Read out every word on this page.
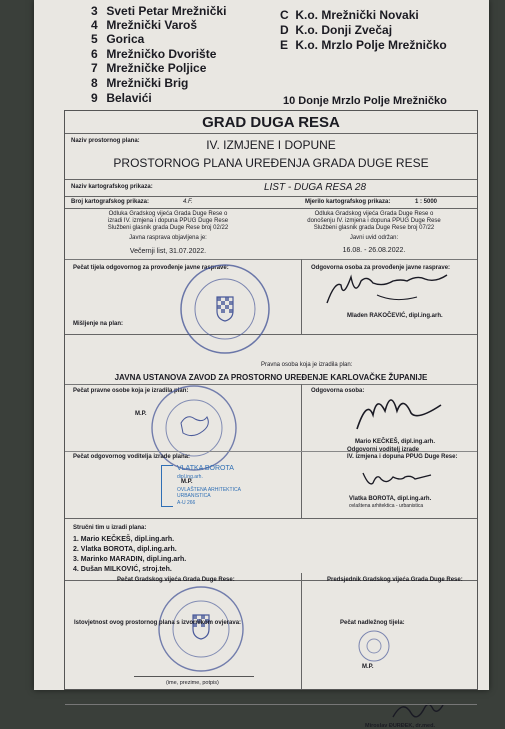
3 Sveti Petar Mrežnički
4 Mrežnički Varoš
5 Gorica
6 Mrežničko Dvorište
7 Mrežničke Poljice
8 Mrežnički Brig
9 Belavići
C K.o. Mrežnički Novaki
D K.o. Donji Zvečaj
E K.o. Mrzlo Polje Mrežničko
10 Donje Mrzlo Polje Mrežničko
GRAD DUGA RESA
Naziv prostornog plana:	IV. IZMJENE I DOPUNE
PROSTORNOG PLANA UREĐENJA GRADA DUGE RESE
Naziv kartografskog prikaza:	LIST - DUGA RESA 28
Broj kartografskog prikaza:	4.F.	Mjerilo kartografskog prikaza:	1 : 5000
Odluka Gradskog vijeća Grada Duge Rese o
izradi IV. izmjena i dopuna PPUG Duge Rese
Službeni glasnik grada Duge Rese broj 02/22
Odluka Gradskog vijeća Grada Duge Rese o
donošenju IV. izmjena i dopuna PPUG Duge Rese
Službeni glasnik grada Duge Rese broj 07/22
Javna rasprava objavljena je:
Večernji list, 31.07.2022.
Javni uvid održan:
16.08. - 26.08.2022.
Pečat tijela odgovornog za provođenje javne rasprave:	Odgovorna osoba za provođenje javne rasprave:
Mišljenje na plan:
Mladen RAKOČEVIĆ, dipl.ing.arh.
Pravna osoba koja je izradila plan:
JAVNA USTANOVA ZAVOD ZA PROSTORNO UREĐENJE KARLOVAČKE ŽUPANIJE
Pečat pravne osobe koja je izradila plan:
M.P.
Odgovorna osoba:
Mario KEČKEŠ, dipl.ing.arh.
Pečat odgovornog voditelja izrade plana:
Odgovorni voditelj izrade
IV. izmjena i dopuna PPUG Duge Rese:
VLATKA BOROTA
dipl.ing.arh.
M.P.
OVLAŠTENA ARHITEKTICA
URBANISTICA
A-U 266
Vlatka BOROTA, dipl.ing.arh.
ovlaštena arhitektica - urbanistica
Stručni tim u izradi plana:
1. Mario KEČKEŠ, dipl.ing.arh.
2. Vlatka BOROTA, dipl.ing.arh.
3. Marinko MARADIN, dipl.ing.arh.
4. Dušan MILKOVIĆ, stroj.teh.
Pečat Gradskog vijeća Grada Duge Rese:	Predsjednik Gradskog vijeća Grada Duge Rese:
Miroslav ĐURĐEK, dr.med.
Istovjetnost ovog prostornog plana s izvornikom ovjerava:	Pečat nadležnog tijela:
M.P.
(ime, prezime, potpis)
